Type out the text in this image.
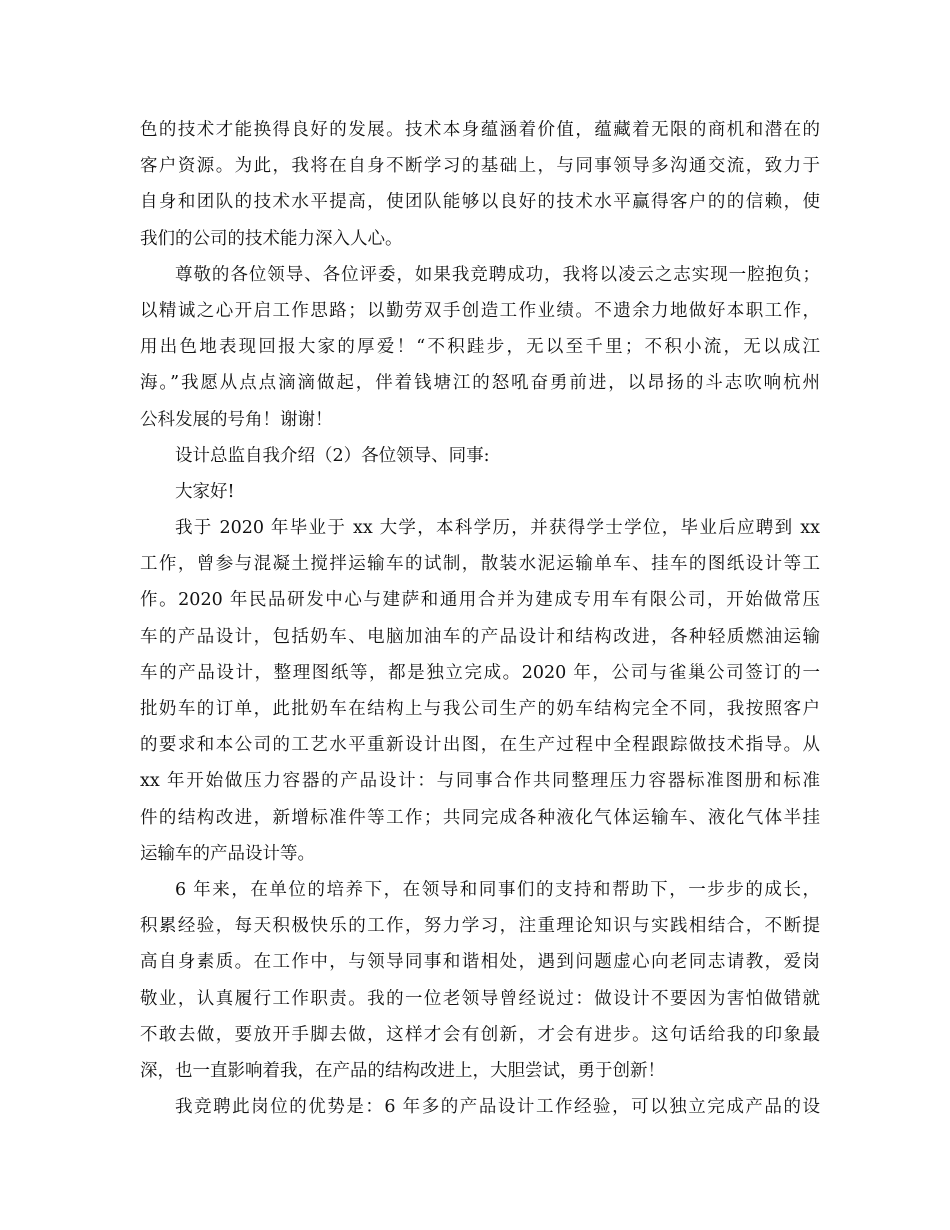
色的技术才能换得良好的发展。技术本身蕴涵着价值，蕴藏着无限的商机和潜在的
客户资源。为此，我将在自身不断学习的基础上，与同事领导多沟通交流，致力于
自身和团队的技术水平提高，使团队能够以良好的技术水平赢得客户的的信赖，使
我们的公司的技术能力深入人心。
尊敬的各位领导、各位评委，如果我竞聘成功，我将以凌云之志实现一腔抱负；
以精诚之心开启工作思路；以勤劳双手创造工作业绩。不遗余力地做好本职工作，
用出色地表现回报大家的厚爱！“不积跬步，无以至千里；不积小流，无以成江
海。”我愿从点点滴滴做起，伴着钱塘江的怒吼奋勇前进，以昂扬的斗志吹响杭州
公科发展的号角！谢谢！
设计总监自我介绍（2）各位领导、同事:
大家好!
我于 2020 年毕业于 xx 大学，本科学历，并获得学士学位，毕业后应聘到 xx
工作，曾参与混凝土搅拌运输车的试制，散装水泥运输单车、挂车的图纸设计等工
作。2020 年民品研发中心与建萨和通用合并为建成专用车有限公司，开始做常压
车的产品设计，包括奶车、电脑加油车的产品设计和结构改进，各种轻质燃油运输
车的产品设计，整理图纸等，都是独立完成。2020 年，公司与雀巢公司签订的一
批奶车的订单，此批奶车在结构上与我公司生产的奶车结构完全不同，我按照客户
的要求和本公司的工艺水平重新设计出图，在生产过程中全程跟踪做技术指导。从
xx 年开始做压力容器的产品设计：与同事合作共同整理压力容器标准图册和标准
件的结构改进，新增标准件等工作；共同完成各种液化气体运输车、液化气体半挂
运输车的产品设计等。
6 年来，在单位的培养下，在领导和同事们的支持和帮助下，一步步的成长，
积累经验，每天积极快乐的工作，努力学习，注重理论知识与实践相结合，不断提
高自身素质。在工作中，与领导同事和谐相处，遇到问题虚心向老同志请教，爱岗
敬业，认真履行工作职责。我的一位老领导曾经说过：做设计不要因为害怕做错就
不敢去做，要放开手脚去做，这样才会有创新，才会有进步。这句话给我的印象最
深，也一直影响着我，在产品的结构改进上，大胆尝试，勇于创新！
我竞聘此岗位的优势是：6 年多的产品设计工作经验，可以独立完成产品的设
